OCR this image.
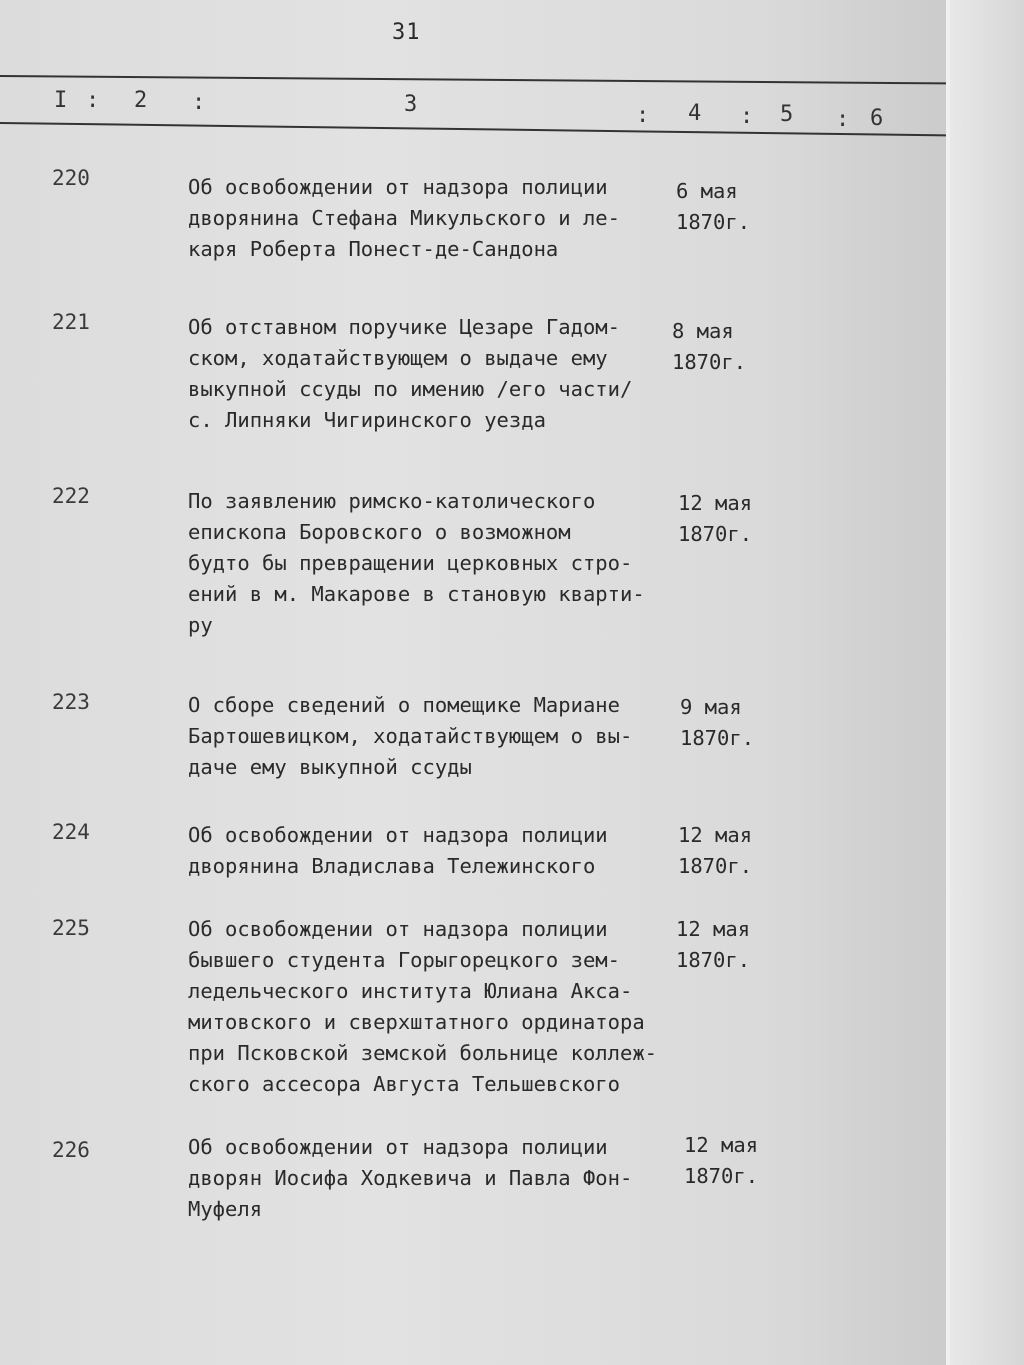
31
I : 2 :	3	: 4 : 5 : 6
220	Об освобождении от надзора полиции
дворянина Стефана Микульского и ле-
каря Роберта Понест-де-Сандона
6 мая
1870г.
221	Об отставном поручике Цезаре Гадом-
ском, ходатайствующем о выдаче ему
выкупной ссуды по имению /его части/
с. Липняки Чигиринского уезда
8 мая
1870г.
222	По заявлению римско-католического
епископа Боровского о возможном
будто бы превращении церковных стро-
ений в м. Макарове в становую кварти-
ру
12 мая
1870г.
223	О сборе сведений о помещике Мариане
Бартошевицком, ходатайствующем о вы-
даче ему выкупной ссуды
9 мая
1870г.
224	Об освобождении от надзора полиции
дворянина Владислава Тележинского
12 мая
1870г.
225	Об освобождении от надзора полиции
бывшего студента Горыгорецкого зем-
ледельческого института Юлиана Акса-
митовского и сверхштатного ординатора
при Псковской земской больнице коллеж-
ского ассесора Августа Тельшевского
12 мая
1870г.
226	Об освобождении от надзора полиции
дворян Иосифа Ходкевича и Павла Фон-
Муфеля
12 мая
1870г.
